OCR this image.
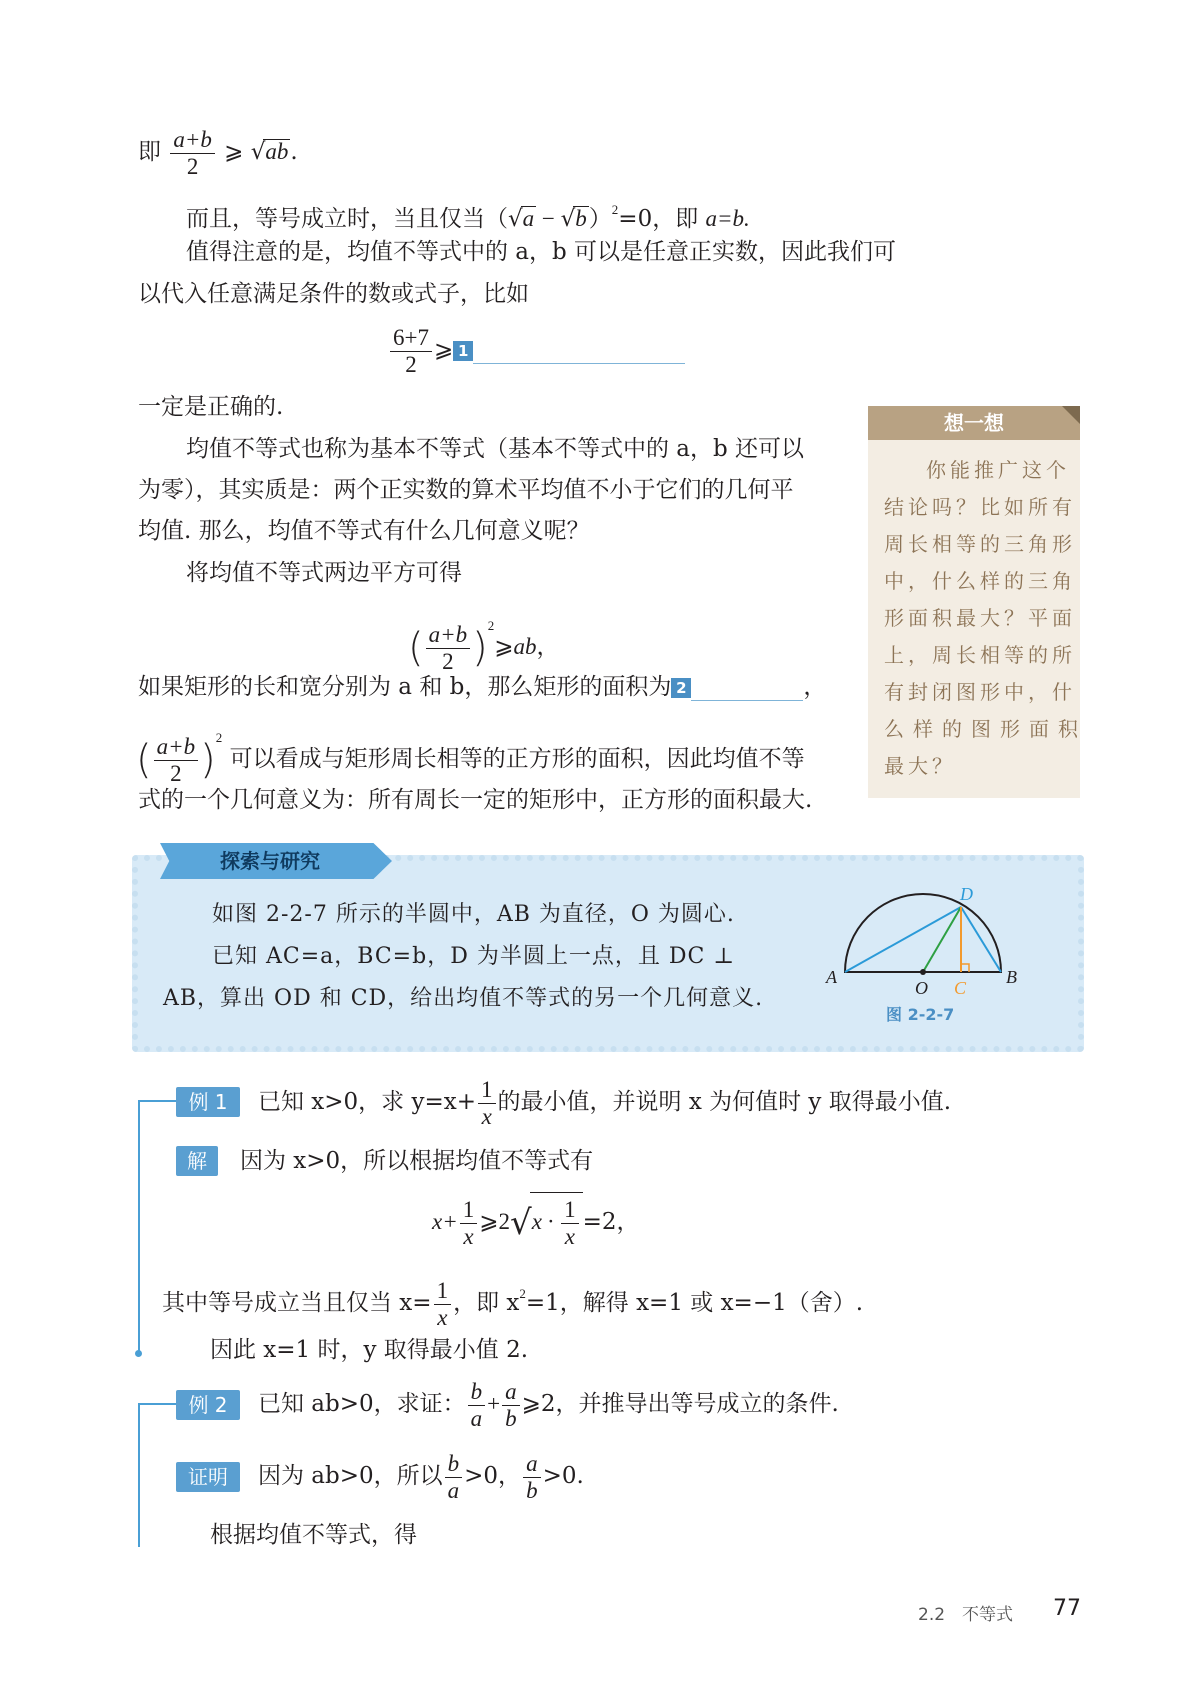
即 $\frac{a+b}{2}$ ⩾ √ab.
而且，等号成立时，当且仅当$(√a - √b)^2=0$，即 a=b.
值得注意的是，均值不等式中的 a，b 可以是任意正实数，因此我们可
以代入任意满足条件的数或式子，比如
$\frac{6+7}{2}$ ⩾ 1
一定是正确的.
均值不等式也称为基本不等式（基本不等式中的 a，b 还可以
为零），其实质是：两个正实数的算术平均值不小于它们的几何平
均值. 那么，均值不等式有什么几何意义呢？
将均值不等式两边平方可得
( $\frac{a+b}{2}$ )$^2$⩾ab，
如果矩形的长和宽分别为 a 和 b，那么矩形的面积为 2	，
( $\frac{a+b}{2} )^2$ 可以看成与矩形周长相等的正方形的面积，因此均值不等
式的一个几何意义为：所有周长一定的矩形中，正方形的面积最大.
想一想
你能推广这个
结论吗？比如所有
周长相等的三角形
中，什么样的三角
形面积最大？平面
上，周长相等的所
有封闭图形中，什
么样的图形面积
最大？
探索与研究
如图 2-2-7 所示的半圆中，AB 为直径，O 为圆心.
已知 AC=a，BC=b，D 为半圆上一点，且 DC ⊥
AB，算出 OD 和 CD，给出均值不等式的另一个几何意义.
A	B
O C
D
图 2-2-7
例 1	已知 x>0，求 $y=x+ \frac{1}{x}$ 的最小值，并说明 x 为何值时 y 取得最小值.
解	因为 x>0，所以根据均值不等式有
$x+ \frac{1}{x}$ ⩾2√x · $\frac{1}{x} =2$，
其中等号成立当且仅当 $x= \frac{1}{x}$ ，即 $x^2=1$，解得 x=1 或 x=−1（舍）.
因此 x=1 时，y 取得最小值 2.
例 2	已知 ab>0，求证： $\frac{b}{a} + \frac{a}{b}$ ⩾2，并推导出等号成立的条件.
证明	因为 ab>0，所以 $\frac{b}{a} >0$， $\frac{a}{b} >0$.
根据均值不等式，得
2.2　不等式 77
